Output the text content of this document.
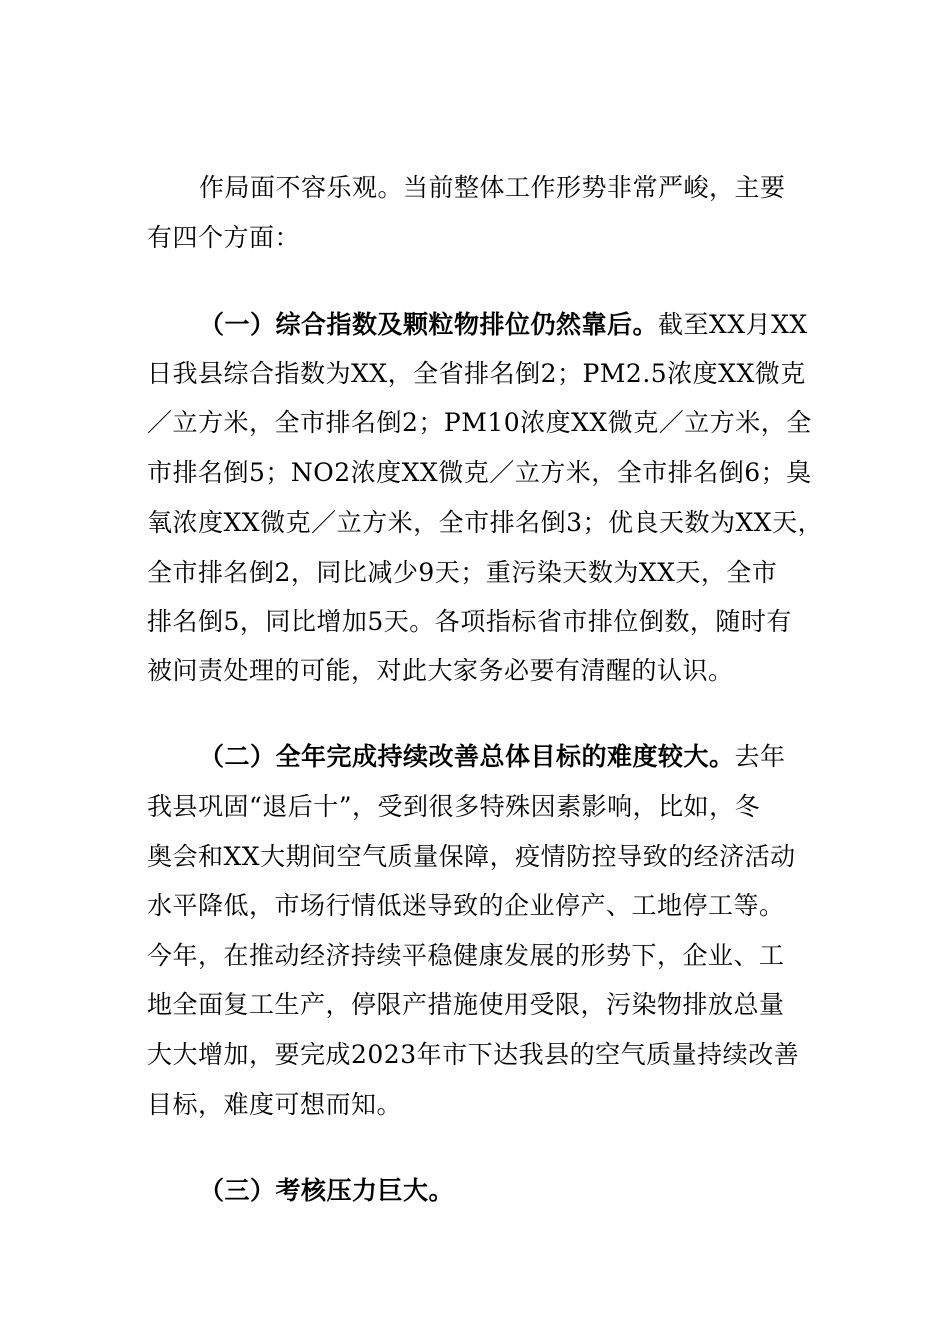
作局面不容乐观。当前整体工作形势非常严峻，主要
有四个方面：
（一）综合指数及颗粒物排位仍然靠后。截至XX月XX
日我县综合指数为XX，全省排名倒2；PM2.5浓度XX微克
／立方米，全市排名倒2；PM10浓度XX微克／立方米，全
市排名倒5；NO2浓度XX微克／立方米，全市排名倒6；臭
氧浓度XX微克／立方米，全市排名倒3；优良天数为XX天，
全市排名倒2，同比减少9天；重污染天数为XX天，全市
排名倒5，同比增加5天。各项指标省市排位倒数，随时有
被问责处理的可能，对此大家务必要有清醒的认识。
（二）全年完成持续改善总体目标的难度较大。去年
我县巩固“退后十”，受到很多特殊因素影响，比如，冬
奥会和XX大期间空气质量保障，疫情防控导致的经济活动
水平降低，市场行情低迷导致的企业停产、工地停工等。
今年，在推动经济持续平稳健康发展的形势下，企业、工
地全面复工生产，停限产措施使用受限，污染物排放总量
大大增加，要完成2023年市下达我县的空气质量持续改善
目标，难度可想而知。
（三）考核压力巨大。
